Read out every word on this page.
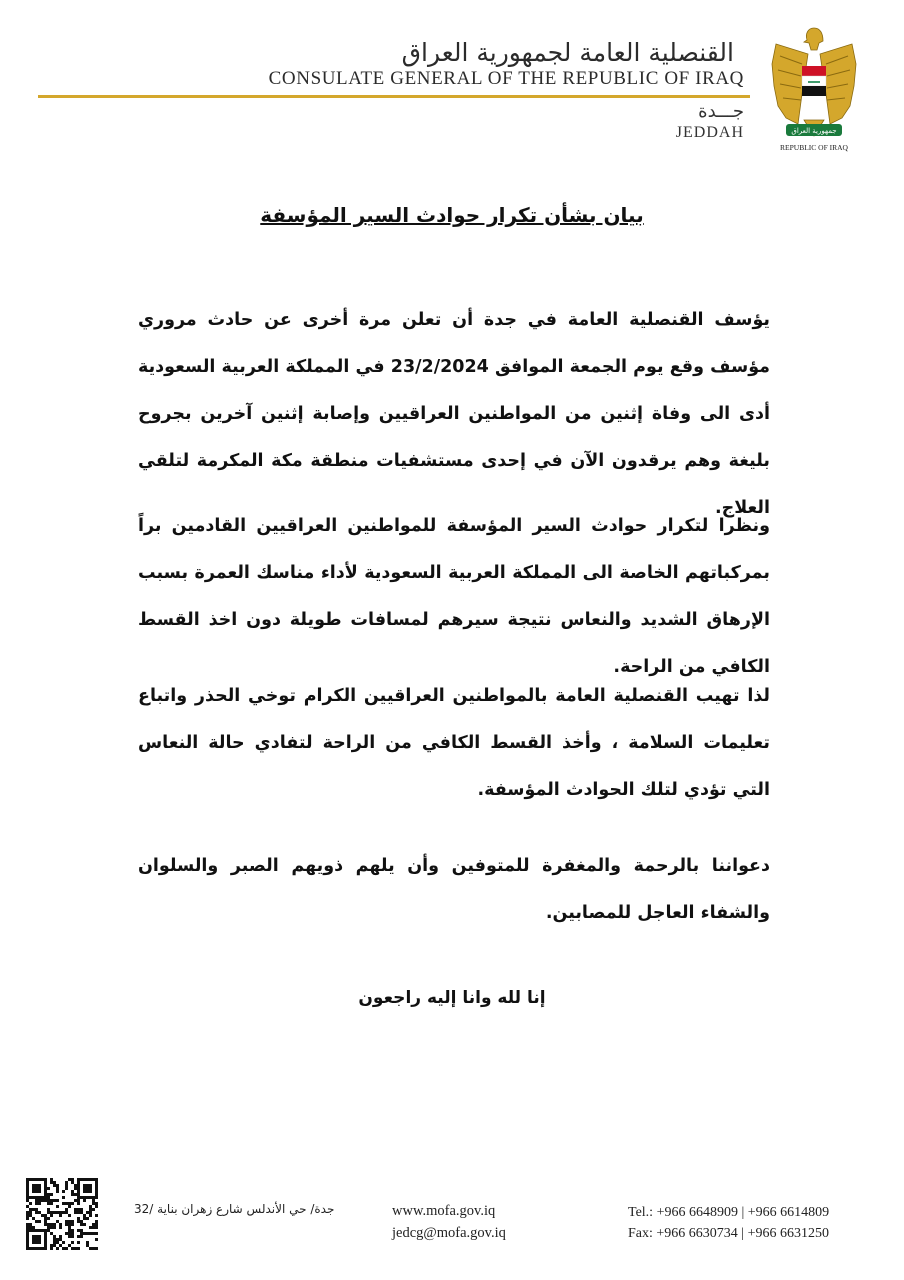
القنصلية العامة لجمهورية العراق
CONSULATE GENERAL OF THE REPUBLIC OF IRAQ
جـــدة
JEDDAH	جمهورية العراق
REPUBLIC OF IRAQ
بيان بشأن تكرار حوادث السير المؤسفة
يؤسف القنصلية العامة في جدة أن تعلن مرة أخرى عن حادث مروري مؤسف وقع يوم الجمعة الموافق 23/2/2024 في المملكة العربية السعودية أدى الى وفاة إثنين من المواطنين العراقيين وإصابة إثنين آخرين بجروح بليغة وهم يرقدون الآن في إحدى مستشفيات منطقة مكة المكرمة لتلقي العلاج.
ونظرا لتكرار حوادث السير المؤسفة للمواطنين العراقيين القادمين براً بمركباتهم الخاصة الى المملكة العربية السعودية لأداء مناسك العمرة بسبب الإرهاق الشديد والنعاس نتيجة سيرهم لمسافات طويلة دون اخذ القسط الكافي من الراحة.
لذا تهيب القنصلية العامة بالمواطنين العراقيين الكرام توخي الحذر واتباع تعليمات السلامة ، وأخذ القسط الكافي من الراحة لتفادي حالة النعاس التي تؤدي لتلك الحوادث المؤسفة.
دعواننا بالرحمة والمغفرة للمتوفين وأن يلهم ذويهم الصبر والسلوان والشفاء العاجل للمصابين.
إنا لله وانا إليه راجعون
جدة/ حي الأندلس شارع زهران بناية /32	www.mofa.gov.iq
jedcg@mofa.gov.iq
Tel.: +966 6648909 | +966 6614809
Fax: +966 6630734 | +966 6631250
